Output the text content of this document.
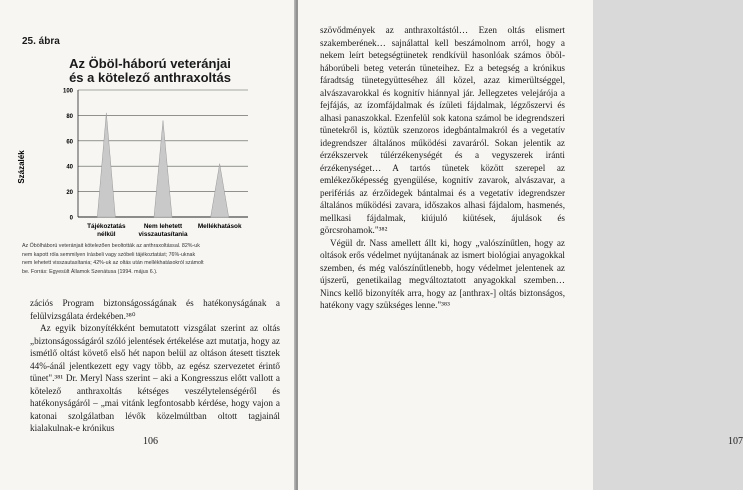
25. ábra
Az Öböl-háború veteránjai
és a kötelező anthraxoltás
0
20
40
60
80
100
Tájékoztatás
nélkül
Nem lehetett
visszautasítania
Mellékhatások
Százalék
Az Öbölháború veteránjait kötelezően beoltották az anthraxoltással. 82%-uk
nem kapott róla semmilyen írásbeli vagy szóbeli tájékoztatást; 76%-uknak
nem lehetett visszautasítania; 42%-uk az oltás után mellékhatásokról számolt
be. Forrás: Egyesült Államok Szenátusa (1994. május 6.).

zációs Program biztonságosságának és hatékonyságának a felülvizsgálata érdekében.³⁸⁰

Az egyik bizonyítékként bemutatott vizsgálat szerint az oltás „biztonságosságáról szóló jelentések értékelése azt mutatja, hogy az ismétlő oltást követő első hét napon belül az oltáson átesett tisztek 44%-ánál jelentkezett egy vagy több, az egész szervezetet érintő tünet".³⁸¹ Dr. Meryl Nass szerint – aki a Kongresszus előtt vallott a kötelező anthraxoltás kétséges veszélytelenségéről és hatékonyságáról – „mai vitánk legfontosabb kérdése, hogy vajon a katonai szolgálatban lévők közelmúltban oltott tagjainál kialakulnak-e krónikus

106

szövődmények az anthraxoltástól… Ezen oltás elismert szakemberének… sajnálattal kell beszámolnom arról, hogy a nekem leírt betegségtünetek rendkívül hasonlóak számos öböl-háborúbeli beteg veterán tüneteihez. Ez a betegség a krónikus fáradtság tünetegyütteséhez áll közel, azaz kimerültséggel, alvászavarokkal és kognitív hiánnyal jár. Jellegzetes velejárója a fejfájás, az ízomfájdalmak és ízületi fájdalmak, légzőszervi és alhasi panaszokkal. Ezenfelül sok katona számol be idegrendszeri tünetekről is, köztük szenzoros idegbántalmakról és a vegetatív idegrendszer általános működési zavaráról. Sokan jelentik az érzékszervek túlérzékenységét és a vegyszerek iránti érzékenységet… A tartós tünetek között szerepel az emlékezőképesség gyengülése, kognitív zavarok, alvászavar, a perifériás az érzőidegek bántalmai és a vegetatív idegrendszer általános működési zavara, időszakos alhasi fájdalom, hasmenés, mellkasi fájdalmak, kiújuló kiütések, ájulások és görcsrohamok."³⁸²

Végül dr. Nass amellett állt ki, hogy „valószínűtlen, hogy az oltások erős védelmet nyújtanának az ismert biológiai anyagokkal szemben, és még valószínűtlenebb, hogy védelmet jelentenek az újszerű, genetikailag megváltoztatott anyagokkal szemben… Nincs kellő bizonyíték arra, hogy az [anthrax-] oltás biztonságos, hatékony vagy szükséges lenne."³⁸³

107
